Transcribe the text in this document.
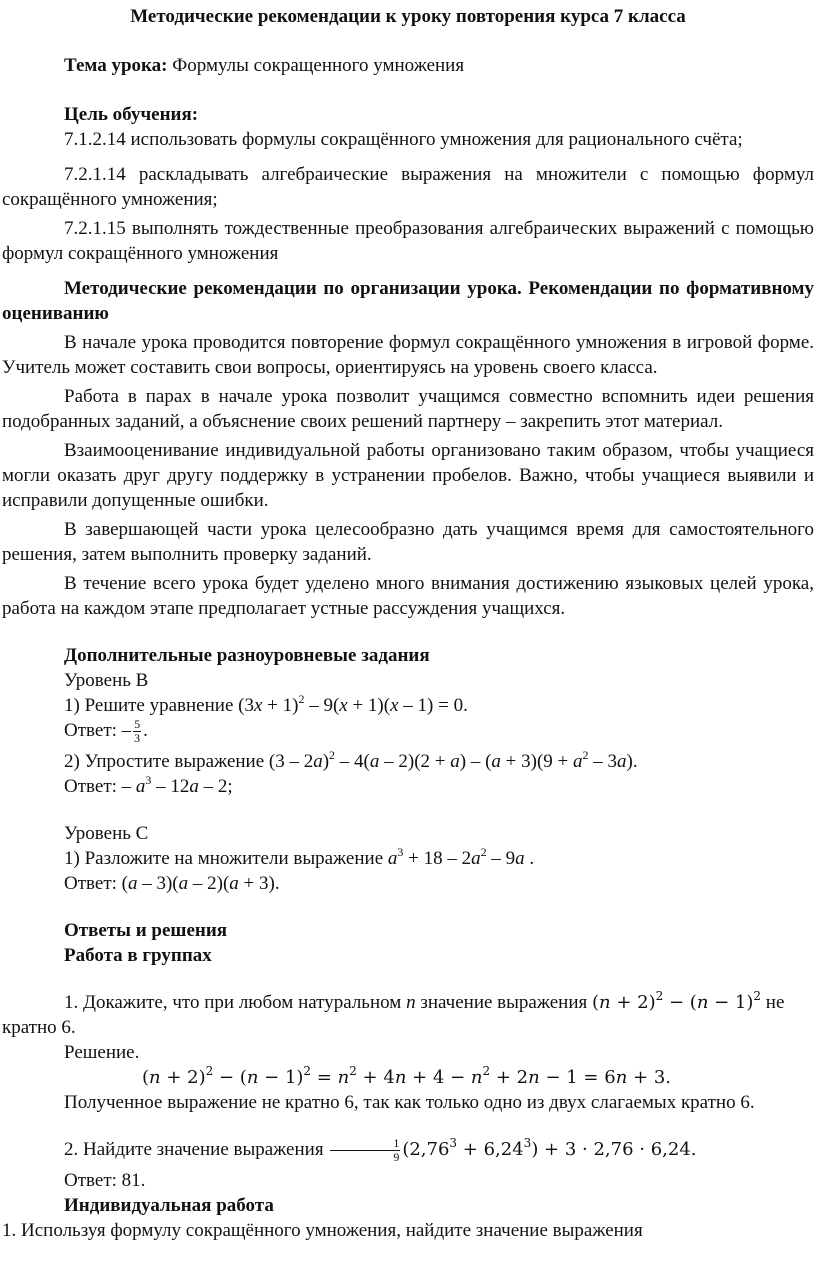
Методические рекомендации к уроку повторения курса 7 класса

Тема урока: Формулы сокращенного умножения

Цель обучения:

7.1.2.14 использовать формулы сокращённого умножения для рационального счёта;

7.2.1.14 раскладывать алгебраические выражения на множители с помощью формул сокращённого умножения;

7.2.1.15 выполнять тождественные преобразования алгебраических выражений с помощью формул сокращённого умножения

Методические рекомендации по организации урока. Рекомендации по формативному оцениванию

В начале урока проводится повторение формул сокращённого умножения в игровой форме. Учитель может составить свои вопросы, ориентируясь на уровень своего класса.

Работа в парах в начале урока позволит учащимся совместно вспомнить идеи решения подобранных заданий, а объяснение своих решений партнеру – закрепить этот материал.

Взаимооценивание индивидуальной работы организовано таким образом, чтобы учащиеся могли оказать друг другу поддержку в устранении пробелов. Важно, чтобы учащиеся выявили и исправили допущенные ошибки.

В завершающей части урока целесообразно дать учащимся время для самостоятельного решения, затем выполнить проверку заданий.

В течение всего урока будет уделено много внимания достижению языковых целей урока, работа на каждом этапе предполагает устные рассуждения учащихся.

Дополнительные разноуровневые задания

Уровень В

1) Решите уравнение $(3x + 1)^2 - 9(x + 1)(x - 1) = 0$.

Ответ: – $\frac{5}{3}$ .

2) Упростите выражение $(3 - 2a)^2 - 4(a - 2)(2 + a) - (a + 3)(9 + a^2 - 3a)$.

Ответ: – $a^3 - 12a - 2$;

Уровень С

1) Разложите на множители выражение $a^3 + 18 - 2a^2 - 9a$ .

Ответ: (a – 3)(a – 2)(a + 3).

Ответы и решения

Работа в группах

1. Докажите, что при любом натуральном n значение выражения $(n + 2)^2 - (n - 1)^2$ не кратно 6.

Решение.

$(n + 2)^2 - (n - 1)^2 = n^2 + 4n + 4 - n^2 + 2n - 1 = 6n + 3$.

Полученное выражение не кратно 6, так как только одно из двух слагаемых кратно 6.

2. Найдите значение выражения $\frac{1}{9} (2,76^3 + 6,24^3) + 3 \cdot 2,76 \cdot 6,24$.

Ответ: 81.

Индивидуальная работа

1. Используя формулу сокращённого умножения, найдите значение выражения
